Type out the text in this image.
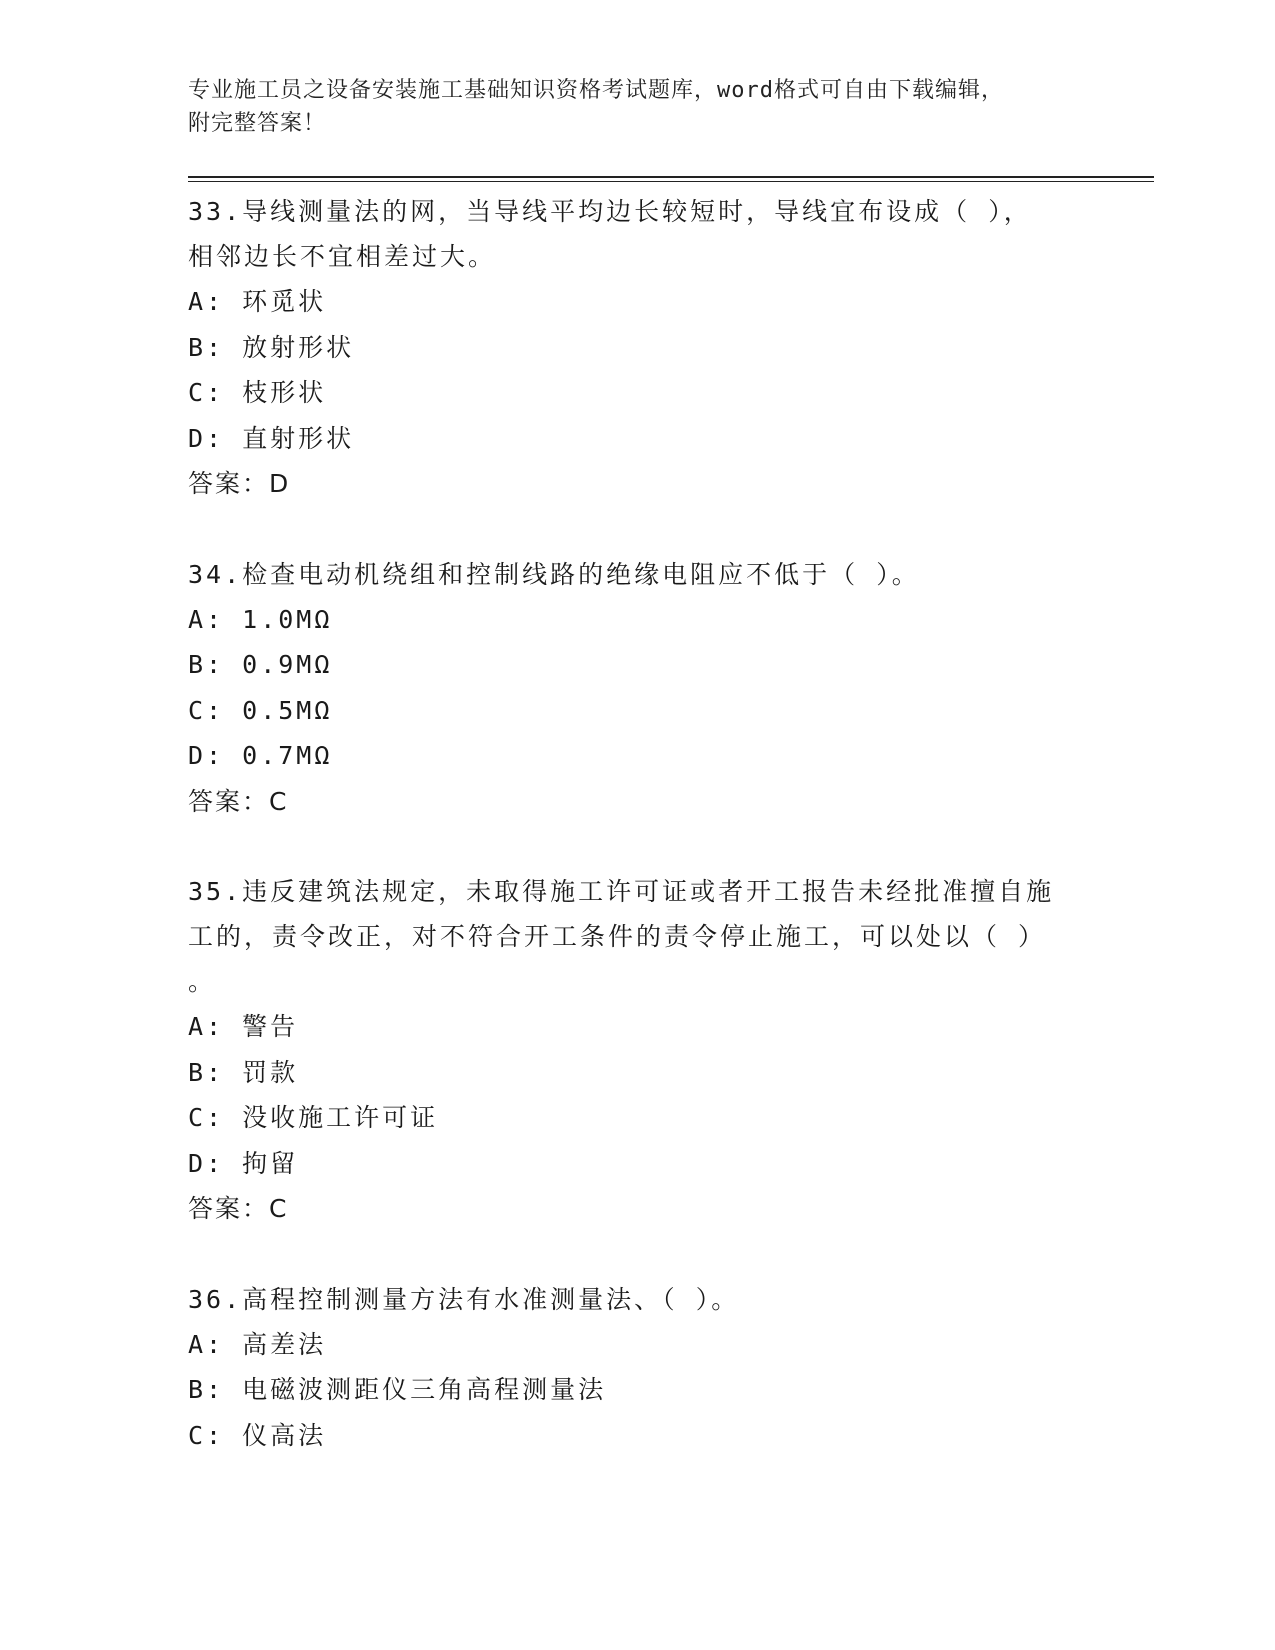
专业施工员之设备安装施工基础知识资格考试题库，word格式可自由下载编辑，
附完整答案！
33.导线测量法的网，当导线平均边长较短时，导线宜布设成（ ），
相邻边长不宜相差过大。
A: 环觅状
B: 放射形状
C: 枝形状
D: 直射形状
答案：D
34.检查电动机绕组和控制线路的绝缘电阻应不低于（ ）。
A: 1.0MΩ
B: 0.9MΩ
C: 0.5MΩ
D: 0.7MΩ
答案：C
35.违反建筑法规定，未取得施工许可证或者开工报告未经批准擅自施
工的，责令改正，对不符合开工条件的责令停止施工，可以处以（ ）
。
A: 警告
B: 罚款
C: 没收施工许可证
D: 拘留
答案：C
36.高程控制测量方法有水准测量法、（ ）。
A: 高差法
B: 电磁波测距仪三角高程测量法
C: 仪高法
